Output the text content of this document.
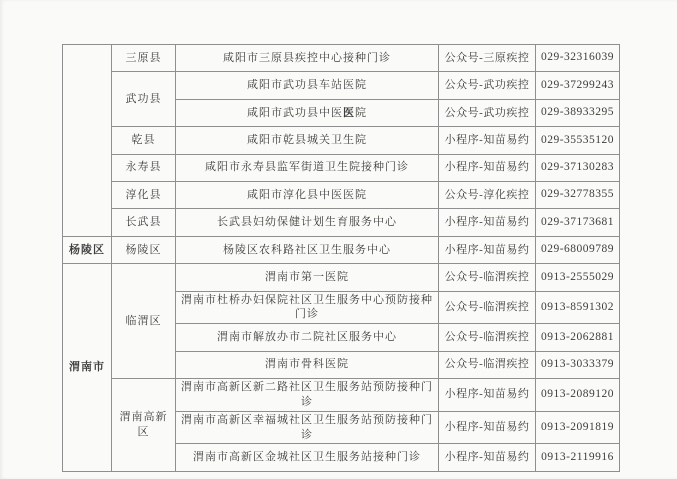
	三原县	咸阳市三原县疾控中心接种门诊	公众号-三原疾控	029-32316039
	武功县	咸阳市武功县车站医院	公众号-武功疾控	029-37299243
		咸阳市武功县中医医院	公众号-武功疾控	029-38933295
	乾县	咸阳市乾县城关卫生院	小程序-知苗易约	029-35535120
	永寿县	咸阳市永寿县监军街道卫生院接种门诊	小程序-知苗易约	029-37130283
	淳化县	咸阳市淳化县中医医院	公众号-淳化疾控	029-32778355
	长武县	长武县妇幼保健计划生育服务中心	小程序-知苗易约	029-37173681
杨陵区	杨陵区	杨陵区农科路社区卫生服务中心	小程序-知苗易约	029-68009789
渭南市	临渭区	渭南市第一医院	公众号-临渭疾控	0913-2555029
		渭南市杜桥办妇保院社区卫生服务中心预防接种门诊	公众号-临渭疾控	0913-8591302
		渭南市解放办市二院社区服务中心	公众号-临渭疾控	0913-2062881
		渭南市骨科医院	公众号-临渭疾控	0913-3033379
	渭南高新区	渭南市高新区新二路社区卫生服务站预防接种门诊	小程序-知苗易约	0913-2089120
		渭南市高新区幸福城社区卫生服务站预防接种门诊	小程序-知苗易约	0913-2091819
		渭南市高新区金城社区卫生服务站接种门诊	小程序-知苗易约	0913-2119916
